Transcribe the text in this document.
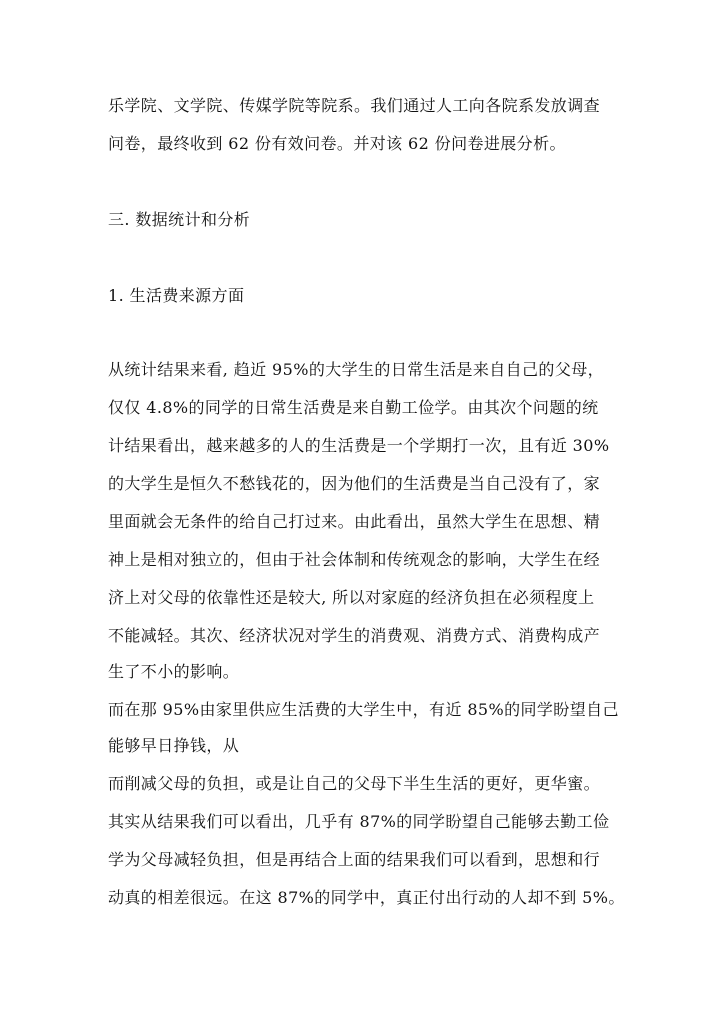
乐学院、文学院、传媒学院等院系。我们通过人工向各院系发放调查
问卷，最终收到 62 份有效问卷。并对该 62 份问卷进展分析。
三. 数据统计和分析
1. 生活费来源方面
从统计结果来看, 趋近 95%的大学生的日常生活是来自自己的父母，
仅仅 4.8%的同学的日常生活费是来自勤工俭学。由其次个问题的统
计结果看出，越来越多的人的生活费是一个学期打一次，且有近 30%
的大学生是恒久不愁钱花的，因为他们的生活费是当自己没有了，家
里面就会无条件的给自己打过来。由此看出，虽然大学生在思想、精
神上是相对独立的，但由于社会体制和传统观念的影响，大学生在经
济上对父母的依靠性还是较大, 所以对家庭的经济负担在必须程度上
不能减轻。其次、经济状况对学生的消费观、消费方式、消费构成产
生了不小的影响。
而在那 95%由家里供应生活费的大学生中，有近 85%的同学盼望自己
能够早日挣钱，从
而削减父母的负担，或是让自己的父母下半生生活的更好，更华蜜。
其实从结果我们可以看出，几乎有 87%的同学盼望自己能够去勤工俭
学为父母减轻负担，但是再结合上面的结果我们可以看到，思想和行
动真的相差很远。在这 87%的同学中，真正付出行动的人却不到 5%。
